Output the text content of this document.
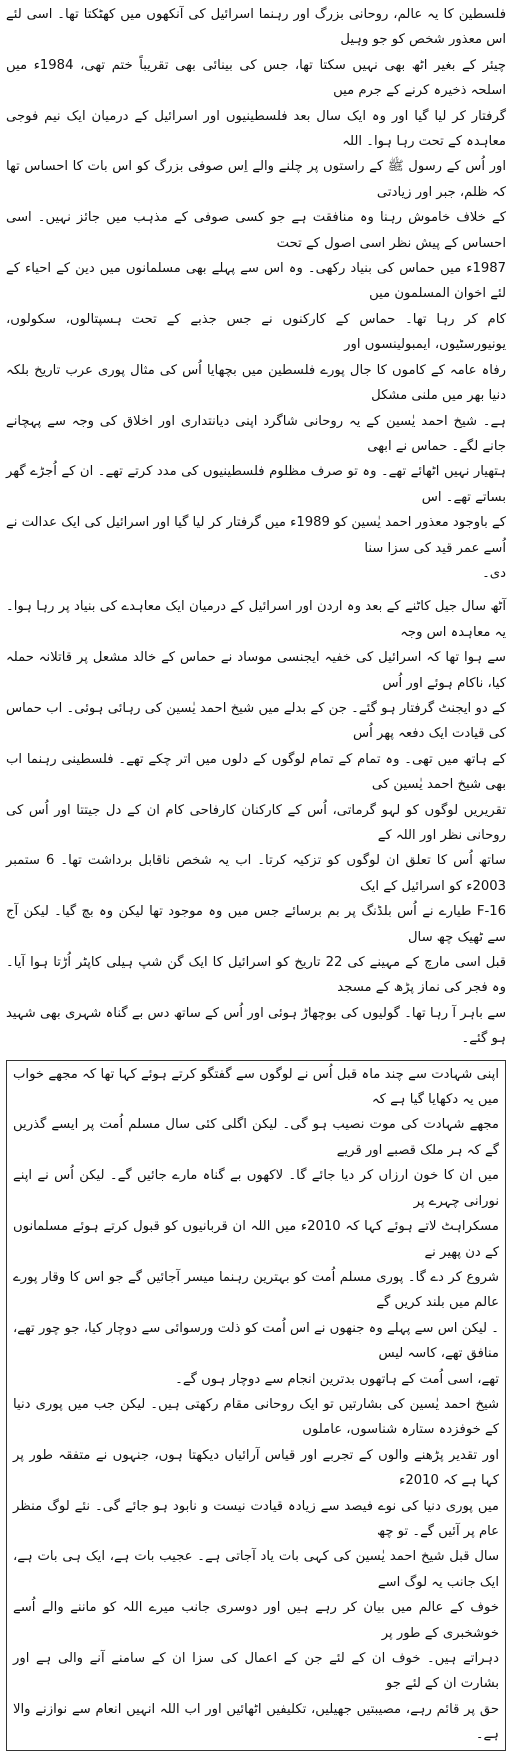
فلسطین کا یہ عالم، روحانی بزرگ اور رہنما اسرائیل کی آنکھوں میں کھٹکتا تھا۔ اسی لئے اس معذور شخص کو جو وہیل
چیئر کے بغیر اٹھ بھی نہیں سکتا تھا، جس کی بینائی بھی تقریباً ختم تھی، 1984ء میں اسلحہ ذخیرہ کرنے کے جرم میں
گرفتار کر لیا گیا اور وہ ایک سال بعد فلسطینیوں اور اسرائیل کے درمیان ایک نیم فوجی معاہدہ کے تحت رہا ہوا۔ اللہ
اور اُس کے رسول ﷺ کے راستوں پر چلنے والے اِس صوفی بزرگ کو اس بات کا احساس تھا کہ ظلم، جبر اور زیادتی
کے خلاف خاموش رہنا وہ منافقت ہے جو کسی صوفی کے مذہب میں جائز نہیں۔ اسی احساس کے پیش نظر اسی اصول کے تحت
1987ء میں حماس کی بنیاد رکھی۔ وہ اس سے پہلے بھی مسلمانوں میں دین کے احیاء کے لئے اخوان المسلمون میں
کام کر رہا تھا۔ حماس کے کارکنوں نے جس جذبے کے تحت ہسپتالوں، سکولوں، یونیورسٹیوں، ایمبولینسوں اور
رفاہ عامہ کے کاموں کا جال پورے فلسطین میں بچھایا اُس کی مثال پوری عرب تاریخ بلکہ دنیا بھر میں ملنی مشکل
ہے۔ شیخ احمد یٰسین کے یہ روحانی شاگرد اپنی دیانتداری اور اخلاق کی وجہ سے پہچانے جانے لگے۔ حماس نے ابھی
ہتھیار نہیں اٹھائے تھے۔ وہ تو صرف مظلوم فلسطینیوں کی مدد کرتے تھے۔ ان کے اُجڑے گھر بساتے تھے۔ اس
کے باوجود معذور احمد یٰسین کو 1989ء میں گرفتار کر لیا گیا اور اسرائیل کی ایک عدالت نے اُسے عمر قید کی سزا سنا
دی۔

آٹھ سال جیل کاٹنے کے بعد وہ اردن اور اسرائیل کے درمیان ایک معاہدے کی بنیاد پر رہا ہوا۔ یہ معاہدہ اس وجہ
سے ہوا تھا کہ اسرائیل کی خفیہ ایجنسی موساد نے حماس کے خالد مشعل پر قاتلانہ حملہ کیا، ناکام ہوئے اور اُس
کے دو ایجنٹ گرفتار ہو گئے۔ جن کے بدلے میں شیخ احمد یٰسین کی رہائی ہوئی۔ اب حماس کی قیادت ایک دفعہ پھر اُس
کے ہاتھ میں تھی۔ وہ تمام کے تمام لوگوں کے دلوں میں اتر چکے تھے۔ فلسطینی رہنما اب بھی شیخ احمد یٰسین کی
تقریریں لوگوں کو لہو گرماتی، اُس کے کارکنان کارفاحی کام ان کے دل جیتتا اور اُس کی روحانی نظر اور اللہ کے
ساتھ اُس کا تعلق ان لوگوں کو تزکیہ کرتا۔ اب یہ شخص ناقابل برداشت تھا۔ 6 ستمبر 2003ء کو اسرائیل کے ایک
F-16 طیارے نے اُس بلڈنگ پر بم برسائے جس میں وہ موجود تھا لیکن وہ بچ گیا۔ لیکن آج سے ٹھیک چھ سال
قبل اسی مارچ کے مہینے کی 22 تاریخ کو اسرائیل کا ایک گن شپ ہیلی کاپٹر اُڑتا ہوا آیا۔ وہ فجر کی نماز پڑھ کے مسجد
سے باہر آ رہا تھا۔ گولیوں کی بوچھاڑ ہوئی اور اُس کے ساتھ دس بے گناہ شہری بھی شہید ہو گئے۔

اپنی شہادت سے چند ماہ قبل اُس نے لوگوں سے گفتگو کرتے ہوئے کہا تھا کہ مجھے خواب میں یہ دکھایا گیا ہے کہ
مجھے شہادت کی موت نصیب ہو گی۔ لیکن اگلی کئی سال مسلم اُمت پر ایسے گذریں گے کہ ہر ملک قصبے اور قریے
میں ان کا خون ارزاں کر دیا جائے گا۔ لاکھوں بے گناہ مارے جائیں گے۔ لیکن اُس نے اپنے نورانی چہرے پر
مسکراہٹ لاتے ہوئے کہا کہ 2010ء میں اللہ ان قربانیوں کو قبول کرتے ہوئے مسلمانوں کے دن پھیر نے
شروع کر دے گا۔ پوری مسلم اُمت کو بہترین رہنما میسر آجائیں گے جو اس کا وقار پورے عالم میں بلند کریں گے
۔ لیکن اس سے پہلے وہ جنھوں نے اس اُمت کو ذلت ورسوائی سے دوچار کیا، جو چور تھے، منافق تھے، کاسہ لیس
تھے، اسی اُمت کے ہاتھوں بدترین انجام سے دوچار ہوں گے۔

شیخ احمد یٰسین کی بشارتیں تو ایک روحانی مقام رکھتی ہیں۔ لیکن جب میں پوری دنیا کے خوفزدہ ستارہ شناسوں، عاملوں
اور تقدیر پڑھنے والوں کے تجربے اور قیاس آرائیاں دیکھتا ہوں، جنہوں نے متفقہ طور پر کہا ہے کہ 2010ء
میں پوری دنیا کی نوے فیصد سے زیادہ قیادت نیست و نابود ہو جائے گی۔ نئے لوگ منظر عام پر آئیں گے۔ تو چھ
سال قبل شیخ احمد یٰسین کی کہی بات یاد آجاتی ہے۔ عجیب بات ہے، ایک ہی بات ہے، ایک جانب یہ لوگ اسے
خوف کے عالم میں بیان کر رہے ہیں اور دوسری جانب میرے اللہ کو ماننے والے اُسے خوشخبری کے طور پر
دہراتے ہیں۔ خوف ان کے لئے جن کے اعمال کی سزا ان کے سامنے آنے والی ہے اور بشارت ان کے لئے جو
حق پر قائم رہے، مصیبتیں جھیلیں، تکلیفیں اٹھائیں اور اب اللہ انہیں انعام سے نوازنے والا ہے۔
